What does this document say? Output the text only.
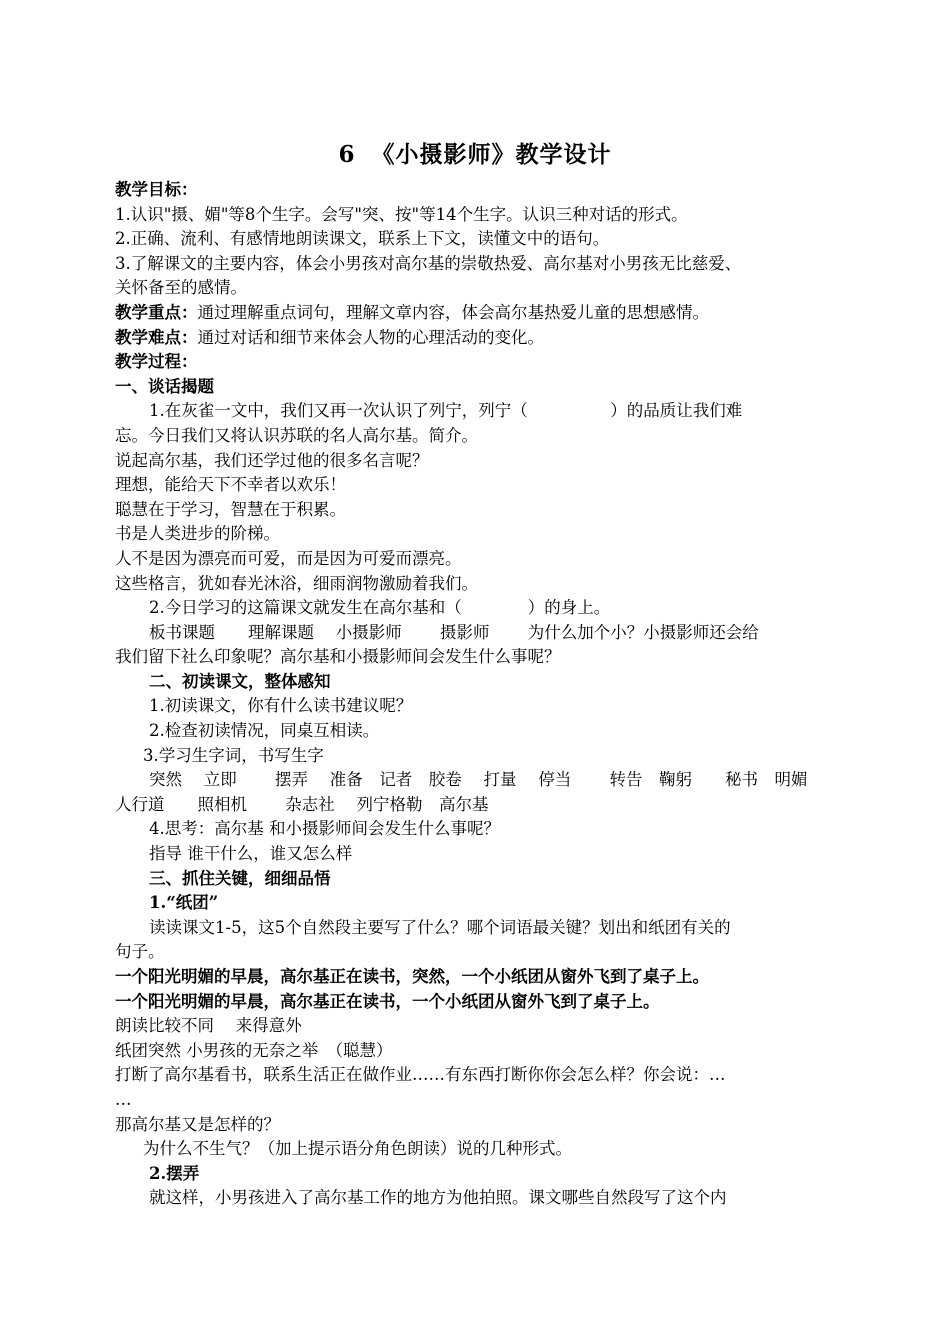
6 《小摄影师》教学设计
教学目标：
1.认识"摄、媚"等8个生字。会写"突、按"等14个生字。认识三种对话的形式。
2.正确、流利、有感情地朗读课文，联系上下文，读懂文中的语句。
3.了解课文的主要内容，体会小男孩对高尔基的崇敬热爱、高尔基对小男孩无比慈爱、
关怀备至的感情。
教学重点：通过理解重点词句，理解文章内容，体会高尔基热爱儿童的思想感情。
教学难点：通过对话和细节来体会人物的心理活动的变化。
教学过程：
一、谈话揭题
1.在灰雀一文中，我们又再一次认识了列宁，列宁（　　　　　）的品质让我们难
忘。今日我们又将认识苏联的名人高尔基。简介。
说起高尔基，我们还学过他的很多名言呢？
理想，能给天下不幸者以欢乐！
聪慧在于学习，智慧在于积累。
书是人类进步的阶梯。
人不是因为漂亮而可爱，而是因为可爱而漂亮。
这些格言，犹如春光沐浴，细雨润物激励着我们。
2.今日学习的这篇课文就发生在高尔基和（　　　　）的身上。
板书课题　　理解课题　 小摄影师　　 摄影师　　 为什么加个小？小摄影师还会给
我们留下社么印象呢？高尔基和小摄影师间会发生什么事呢？
二、初读课文，整体感知
1.初读课文，你有什么读书建议呢？
2.检查初读情况，同桌互相读。
3.学习生字词，书写生字
突然　 立即　　 摆弄　 准备　记者　胶卷　 打量　 停当　　 转告　鞠躬　　秘书　明媚
人行道　　照相机　　 杂志社　 列宁格勒　高尔基
4.思考：高尔基 和小摄影师间会发生什么事呢？
指导 谁干什么，谁又怎么样
三、抓住关键，细细品悟
1.“纸团”
读读课文1-5，这5个自然段主要写了什么？哪个词语最关键？划出和纸团有关的
句子。
一个阳光明媚的早晨，高尔基正在读书，突然，一个小纸团从窗外飞到了桌子上。
一个阳光明媚的早晨，高尔基正在读书，一个小纸团从窗外飞到了桌子上。
朗读比较不同　 来得意外
纸团突然 小男孩的无奈之举　（聪慧）
打断了高尔基看书，联系生活正在做作业……有东西打断你你会怎么样？你会说：…
…
那高尔基又是怎样的？
为什么不生气？（加上提示语分角色朗读）说的几种形式。
2.摆弄
就这样，小男孩进入了高尔基工作的地方为他拍照。课文哪些自然段写了这个内
